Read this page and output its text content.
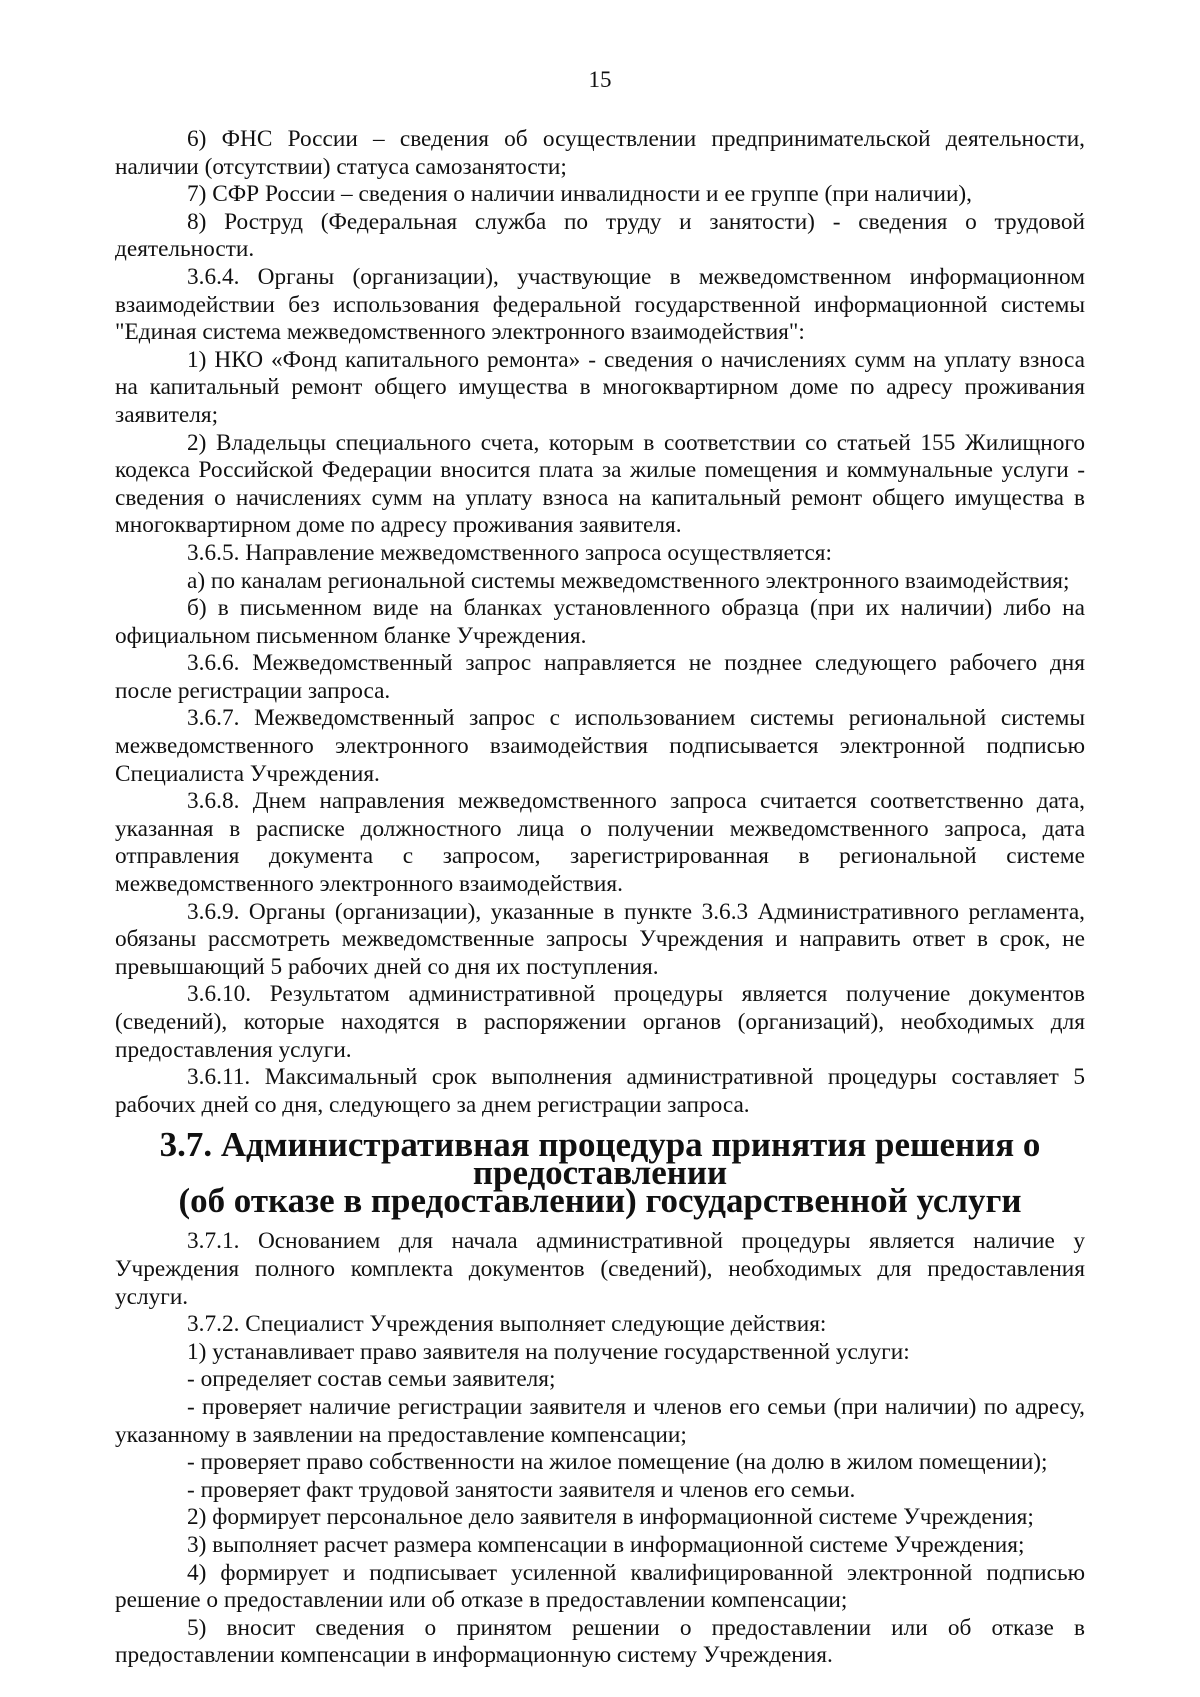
15

6) ФНС России – сведения об осуществлении предпринимательской деятельности, наличии (отсутствии) статуса самозанятости;

7) СФР России – сведения о наличии инвалидности и ее группе (при наличии),

8) Роструд (Федеральная служба по труду и занятости) - сведения о трудовой деятельности.

3.6.4. Органы (организации), участвующие в межведомственном информационном взаимодействии без использования федеральной государственной информационной системы "Единая система межведомственного электронного взаимодействия":

1) НКО «Фонд капитального ремонта» - сведения о начислениях сумм на уплату взноса на капитальный ремонт общего имущества в многоквартирном доме по адресу проживания заявителя;

2) Владельцы специального счета, которым в соответствии со статьей 155 Жилищного кодекса Российской Федерации вносится плата за жилые помещения и коммунальные услуги - сведения о начислениях сумм на уплату взноса на капитальный ремонт общего имущества в многоквартирном доме по адресу проживания заявителя.

3.6.5. Направление межведомственного запроса осуществляется:

а) по каналам региональной системы межведомственного электронного взаимодействия;

б) в письменном виде на бланках установленного образца (при их наличии) либо на официальном письменном бланке Учреждения.

3.6.6. Межведомственный запрос направляется не позднее следующего рабочего дня после регистрации запроса.

3.6.7. Межведомственный запрос с использованием системы региональной системы межведомственного электронного взаимодействия подписывается электронной подписью Специалиста Учреждения.

3.6.8. Днем направления межведомственного запроса считается соответственно дата, указанная в расписке должностного лица о получении межведомственного запроса, дата отправления документа с запросом, зарегистрированная в региональной системе межведомственного электронного взаимодействия.

3.6.9. Органы (организации), указанные в пункте 3.6.3 Административного регламента, обязаны рассмотреть межведомственные запросы Учреждения и направить ответ в срок, не превышающий 5 рабочих дней со дня их поступления.

3.6.10. Результатом административной процедуры является получение документов (сведений), которые находятся в распоряжении органов (организаций), необходимых для предоставления услуги.

3.6.11. Максимальный срок выполнения административной процедуры составляет 5 рабочих дней со дня, следующего за днем регистрации запроса.

3.7. Административная процедура принятия решения о предоставлении
(об отказе в предоставлении) государственной услуги

3.7.1. Основанием для начала административной процедуры является наличие у Учреждения полного комплекта документов (сведений), необходимых для предоставления услуги.

3.7.2. Специалист Учреждения выполняет следующие действия:

1) устанавливает право заявителя на получение государственной услуги:

- определяет состав семьи заявителя;

- проверяет наличие регистрации заявителя и членов его семьи (при наличии) по адресу, указанному в заявлении на предоставление компенсации;

- проверяет право собственности на жилое помещение (на долю в жилом помещении);

- проверяет факт трудовой занятости заявителя и членов его семьи.

2) формирует персональное дело заявителя в информационной системе Учреждения;

3) выполняет расчет размера компенсации в информационной системе Учреждения;

4) формирует и подписывает усиленной квалифицированной электронной подписью решение о предоставлении или об отказе в предоставлении компенсации;

5) вносит сведения о принятом решении о предоставлении или об отказе в предоставлении компенсации в информационную систему Учреждения.
